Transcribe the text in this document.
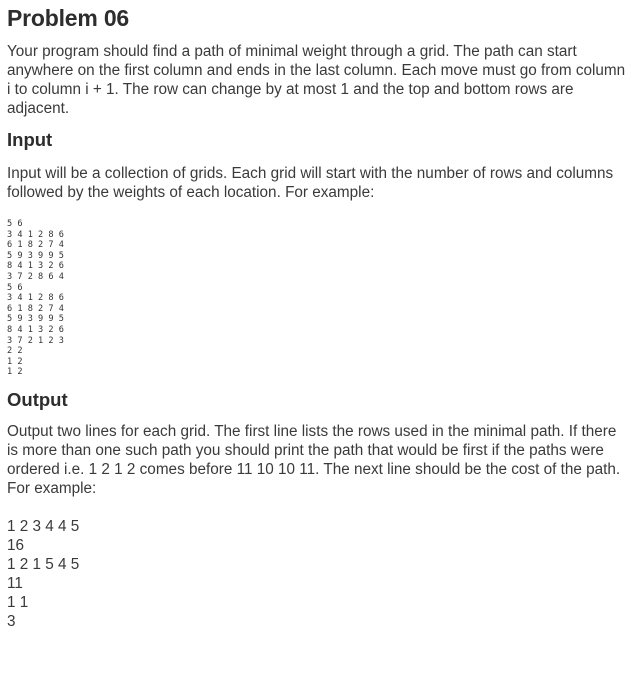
Problem 06

Your program should find a path of minimal weight through a grid. The path can start anywhere on the first column and ends in the last column. Each move must go from column i to column i + 1. The row can change by at most 1 and the top and bottom rows are adjacent.

Input

Input will be a collection of grids. Each grid will start with the number of rows and columns followed by the weights of each location. For example:

5 6
3 4 1 2 8 6
6 1 8 2 7 4
5 9 3 9 9 5
8 4 1 3 2 6
3 7 2 8 6 4
5 6
3 4 1 2 8 6
6 1 8 2 7 4
5 9 3 9 9 5
8 4 1 3 2 6
3 7 2 1 2 3
2 2
1 2
1 2
Output

Output two lines for each grid. The first line lists the rows used in the minimal path. If there is more than one such path you should print the path that would be first if the paths were ordered i.e. 1 2 1 2 comes before 11 10 10 11. The next line should be the cost of the path. For example:

1 2 3 4 4 5
16
1 2 1 5 4 5
11
1 1
3
